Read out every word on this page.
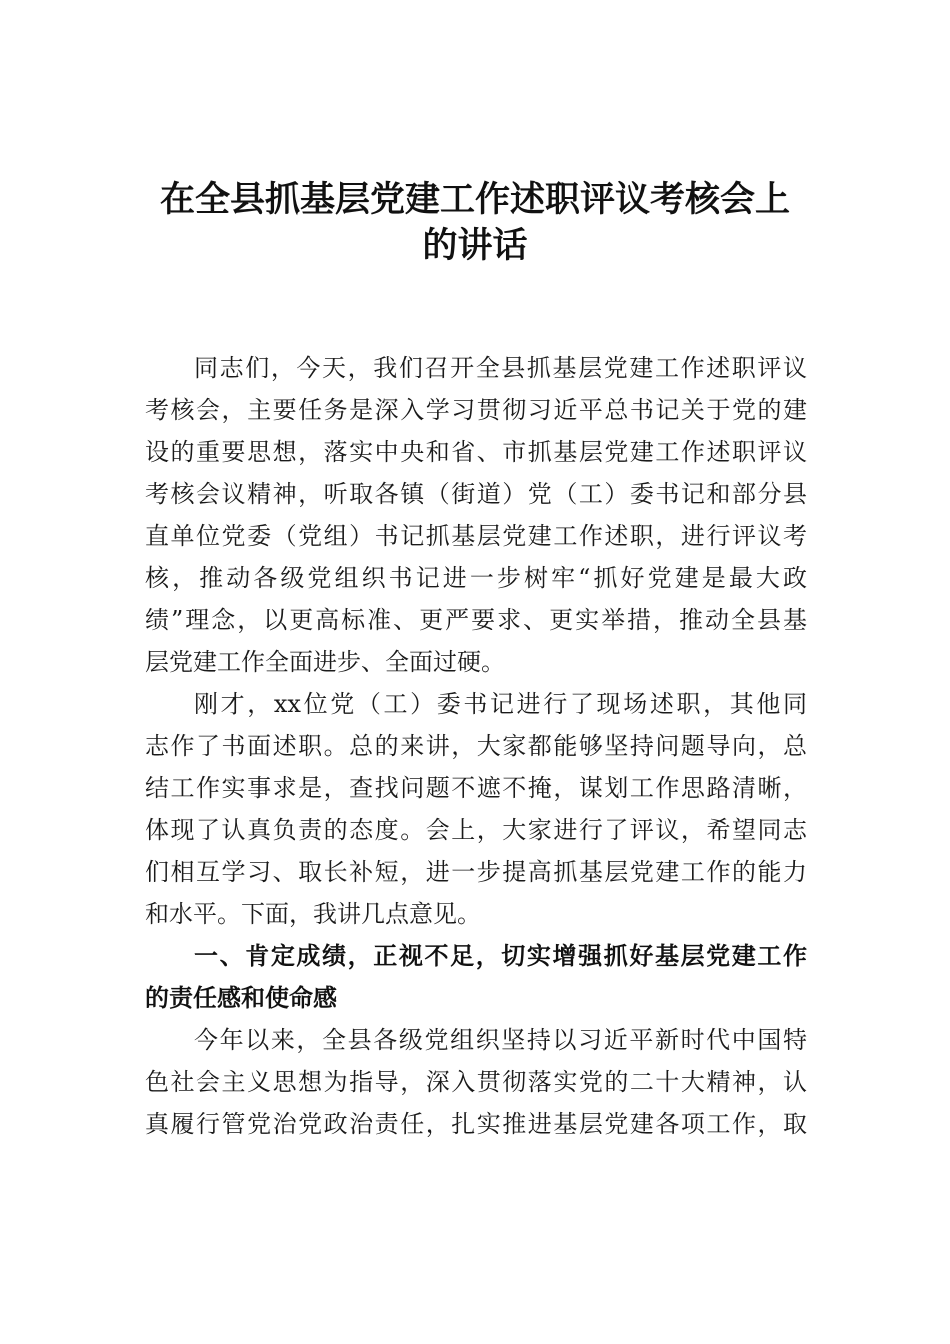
在全县抓基层党建工作述职评议考核会上
的讲话
同志们，今天，我们召开全县抓基层党建工作述职评议
考核会，主要任务是深入学习贯彻习近平总书记关于党的建
设的重要思想，落实中央和省、市抓基层党建工作述职评议
考核会议精神，听取各镇（街道）党（工）委书记和部分县
直单位党委（党组）书记抓基层党建工作述职，进行评议考
核，推动各级党组织书记进一步树牢“抓好党建是最大政
绩”理念，以更高标准、更严要求、更实举措，推动全县基
层党建工作全面进步、全面过硬。
刚才，xx位党（工）委书记进行了现场述职，其他同
志作了书面述职。总的来讲，大家都能够坚持问题导向，总
结工作实事求是，查找问题不遮不掩，谋划工作思路清晰，
体现了认真负责的态度。会上，大家进行了评议，希望同志
们相互学习、取长补短，进一步提高抓基层党建工作的能力
和水平。下面，我讲几点意见。
一、肯定成绩，正视不足，切实增强抓好基层党建工作
的责任感和使命感
今年以来，全县各级党组织坚持以习近平新时代中国特
色社会主义思想为指导，深入贯彻落实党的二十大精神，认
真履行管党治党政治责任，扎实推进基层党建各项工作，取
